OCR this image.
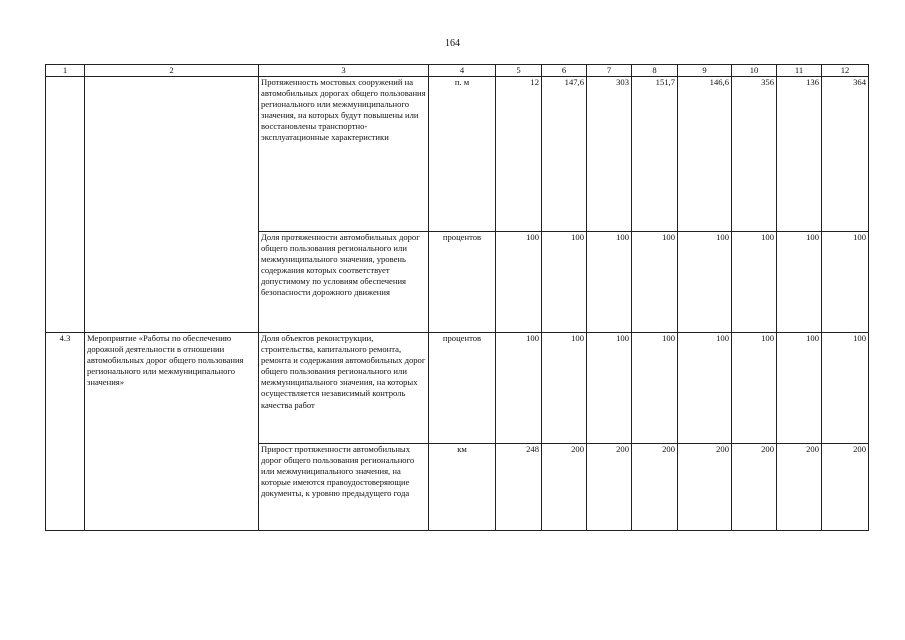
164
1	2	3	4	5	6	7	8	9	10	11	12
		Протяженность мостовых сооружений на автомобильных дорогах общего пользования регионального или межмуниципального значения, на которых будут повышены или восстановлены транспортно-эксплуатационные характеристики	п. м	12	147,6	303	151,7	146,6	356	136	364
		Доля протяженности автомобильных дорог общего пользования регионального или межмуниципального значения, уровень содержания которых соответствует допустимому по условиям обеспечения безопасности дорожного движения	процентов	100	100	100	100	100	100	100	100
4.3	Мероприятие «Работы по обеспечению дорожной деятельности в отношении автомобильных дорог общего пользования регионального или межмуниципального значения»	Доля объектов реконструкции, строительства, капитального ремонта, ремонта и содержания автомобильных дорог общего пользования регионального или межмуниципального значения, на которых осуществляется независимый контроль качества работ	процентов	100	100	100	100	100	100	100	100
		Прирост протяженности автомобильных дорог общего пользования регионального или межмуниципального значения, на которые имеются правоудостоверяющие документы, к уровню предыдущего года	км	248	200	200	200	200	200	200	200
